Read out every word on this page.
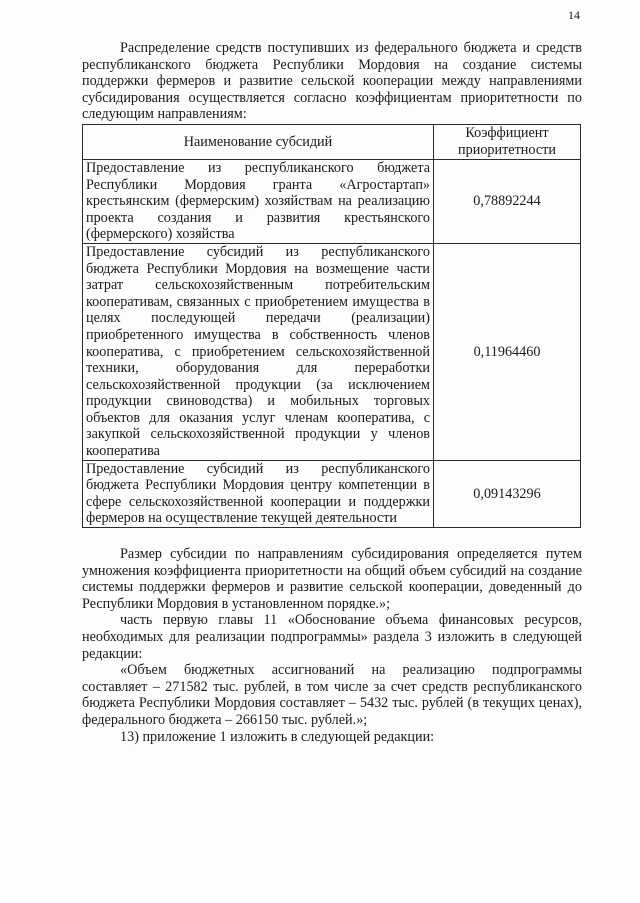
14

Распределение средств поступивших из федерального бюджета и средств республиканского бюджета Республики Мордовия на создание системы поддержки фермеров и развитие сельской кооперации между направлениями субсидирования осуществляется согласно коэффициентам приоритетности по следующим направлениям:

Наименование субсидий	Коэффициент приоритетности
Предоставление из республиканского бюджета Республики Мордовия гранта «Агростартап» крестьянским (фермерским) хозяйствам на реализацию проекта создания и развития крестьянского (фермерского) хозяйства	0,78892244
Предоставление субсидий из республиканского бюджета Республики Мордовия на возмещение части затрат сельскохозяйственным потребительским кооперативам, связанных с приобретением имущества в целях последующей передачи (реализации) приобретенного имущества в собственность членов кооператива, с приобретением сельскохозяйственной техники, оборудования для переработки сельскохозяйственной продукции (за исключением продукции свиноводства) и мобильных торговых объектов для оказания услуг членам кооператива, с закупкой сельскохозяйственной продукции у членов кооператива	0,11964460
Предоставление субсидий из республиканского бюджета Республики Мордовия центру компетенции в сфере сельскохозяйственной кооперации и поддержки фермеров на осуществление текущей деятельности	0,09143296

Размер субсидии по направлениям субсидирования определяется путем умножения коэффициента приоритетности на общий объем субсидий на создание системы поддержки фермеров и развитие сельской кооперации, доведенный до Республики Мордовия в установленном порядке.»;

часть первую главы 11 «Обоснование объема финансовых ресурсов, необходимых для реализации подпрограммы» раздела 3 изложить в следующей редакции:

«Объем бюджетных ассигнований на реализацию подпрограммы составляет – 271582 тыс. рублей, в том числе за счет средств республиканского бюджета Республики Мордовия составляет – 5432 тыс. рублей (в текущих ценах), федерального бюджета – 266150 тыс. рублей.»;

13) приложение 1 изложить в следующей редакции:
